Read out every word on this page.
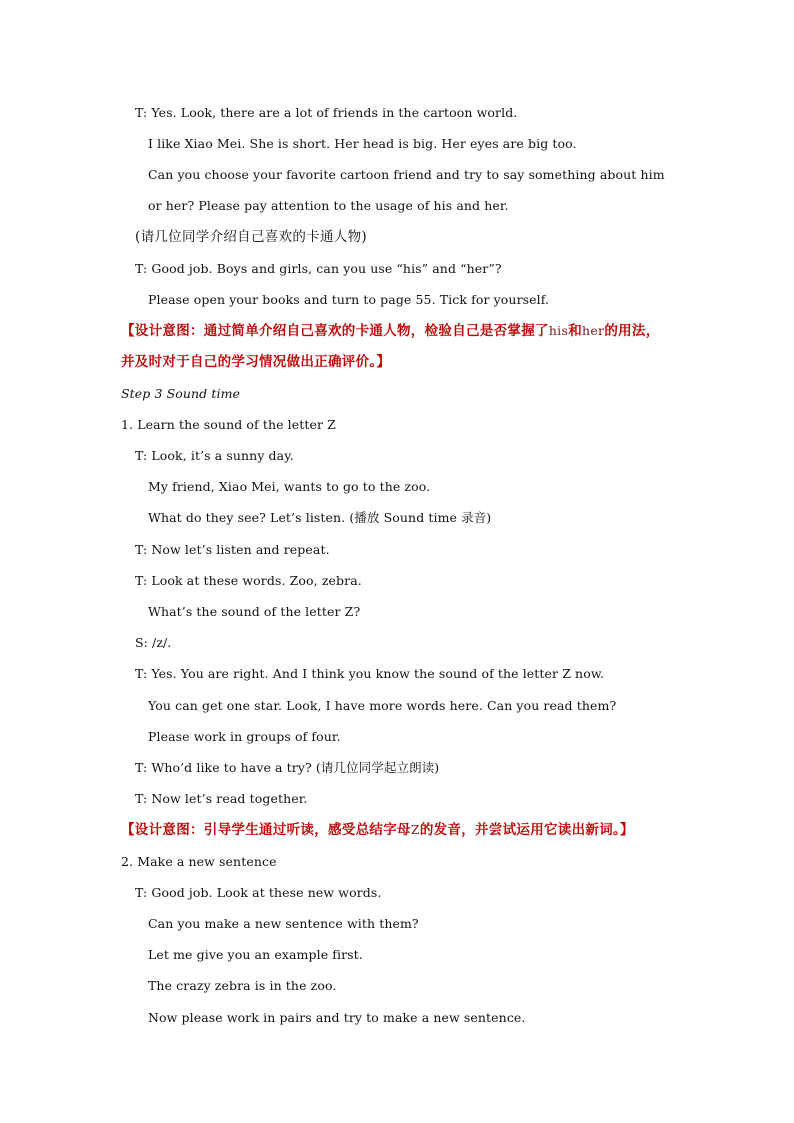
T: Yes. Look, there are a lot of friends in the cartoon world.
I like Xiao Mei. She is short. Her head is big. Her eyes are big too.
Can you choose your favorite cartoon friend and try to say something about him
or her? Please pay attention to the usage of his and her.
(请几位同学介绍自己喜欢的卡通人物)
T: Good job. Boys and girls, can you use “his” and “her”?
Please open your books and turn to page 55. Tick for yourself.
【设计意图：通过简单介绍自己喜欢的卡通人物，检验自己是否掌握了his和her的用法，
并及时对于自己的学习情况做出正确评价。】
Step 3 Sound time
1. Learn the sound of the letter Z
T: Look, it’s a sunny day.
My friend, Xiao Mei, wants to go to the zoo.
What do they see? Let’s listen. (播放 Sound time 录音)
T: Now let’s listen and repeat.
T: Look at these words. Zoo, zebra.
What’s the sound of the letter Z?
S: /z/.
T: Yes. You are right. And I think you know the sound of the letter Z now.
You can get one star. Look, I have more words here. Can you read them?
Please work in groups of four.
T: Who’d like to have a try? (请几位同学起立朗读)
T: Now let’s read together.
【设计意图：引导学生通过听读，感受总结字母Z的发音，并尝试运用它读出新词。】
2. Make a new sentence
T: Good job. Look at these new words.
Can you make a new sentence with them?
Let me give you an example first.
The crazy zebra is in the zoo.
Now please work in pairs and try to make a new sentence.
